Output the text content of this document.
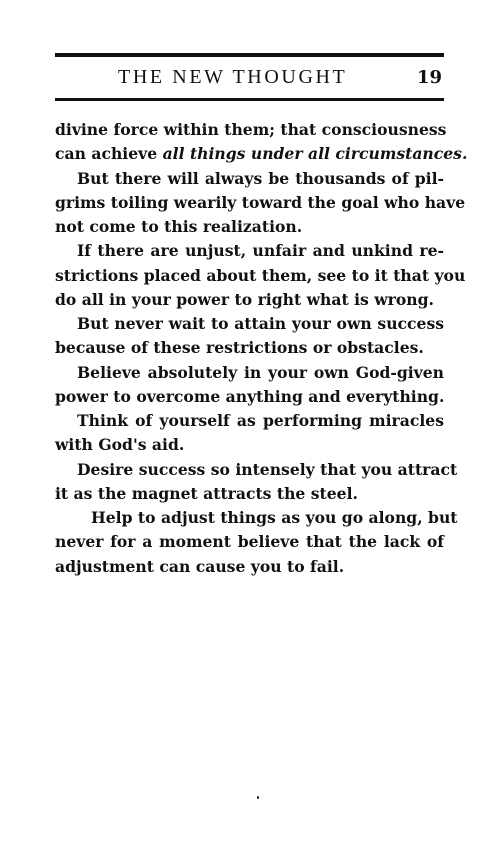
THE NEW THOUGHT	19
divine force within them; that consciousness
can achieve all things under all circumstances.
But there will always be thousands of pil-
grims toiling wearily toward the goal who have
not come to this realization.
If there are unjust, unfair and unkind re-
strictions placed about them, see to it that you
do all in your power to right what is wrong.
But never wait to attain your own success
because of these restrictions or obstacles.
Believe absolutely in your own God-given
power to overcome anything and everything.
Think of yourself as performing miracles
with God's aid.
Desire success so intensely that you attract
it as the magnet attracts the steel.
Help to adjust things as you go along, but
never for a moment believe that the lack of
adjustment can cause you to fail.
